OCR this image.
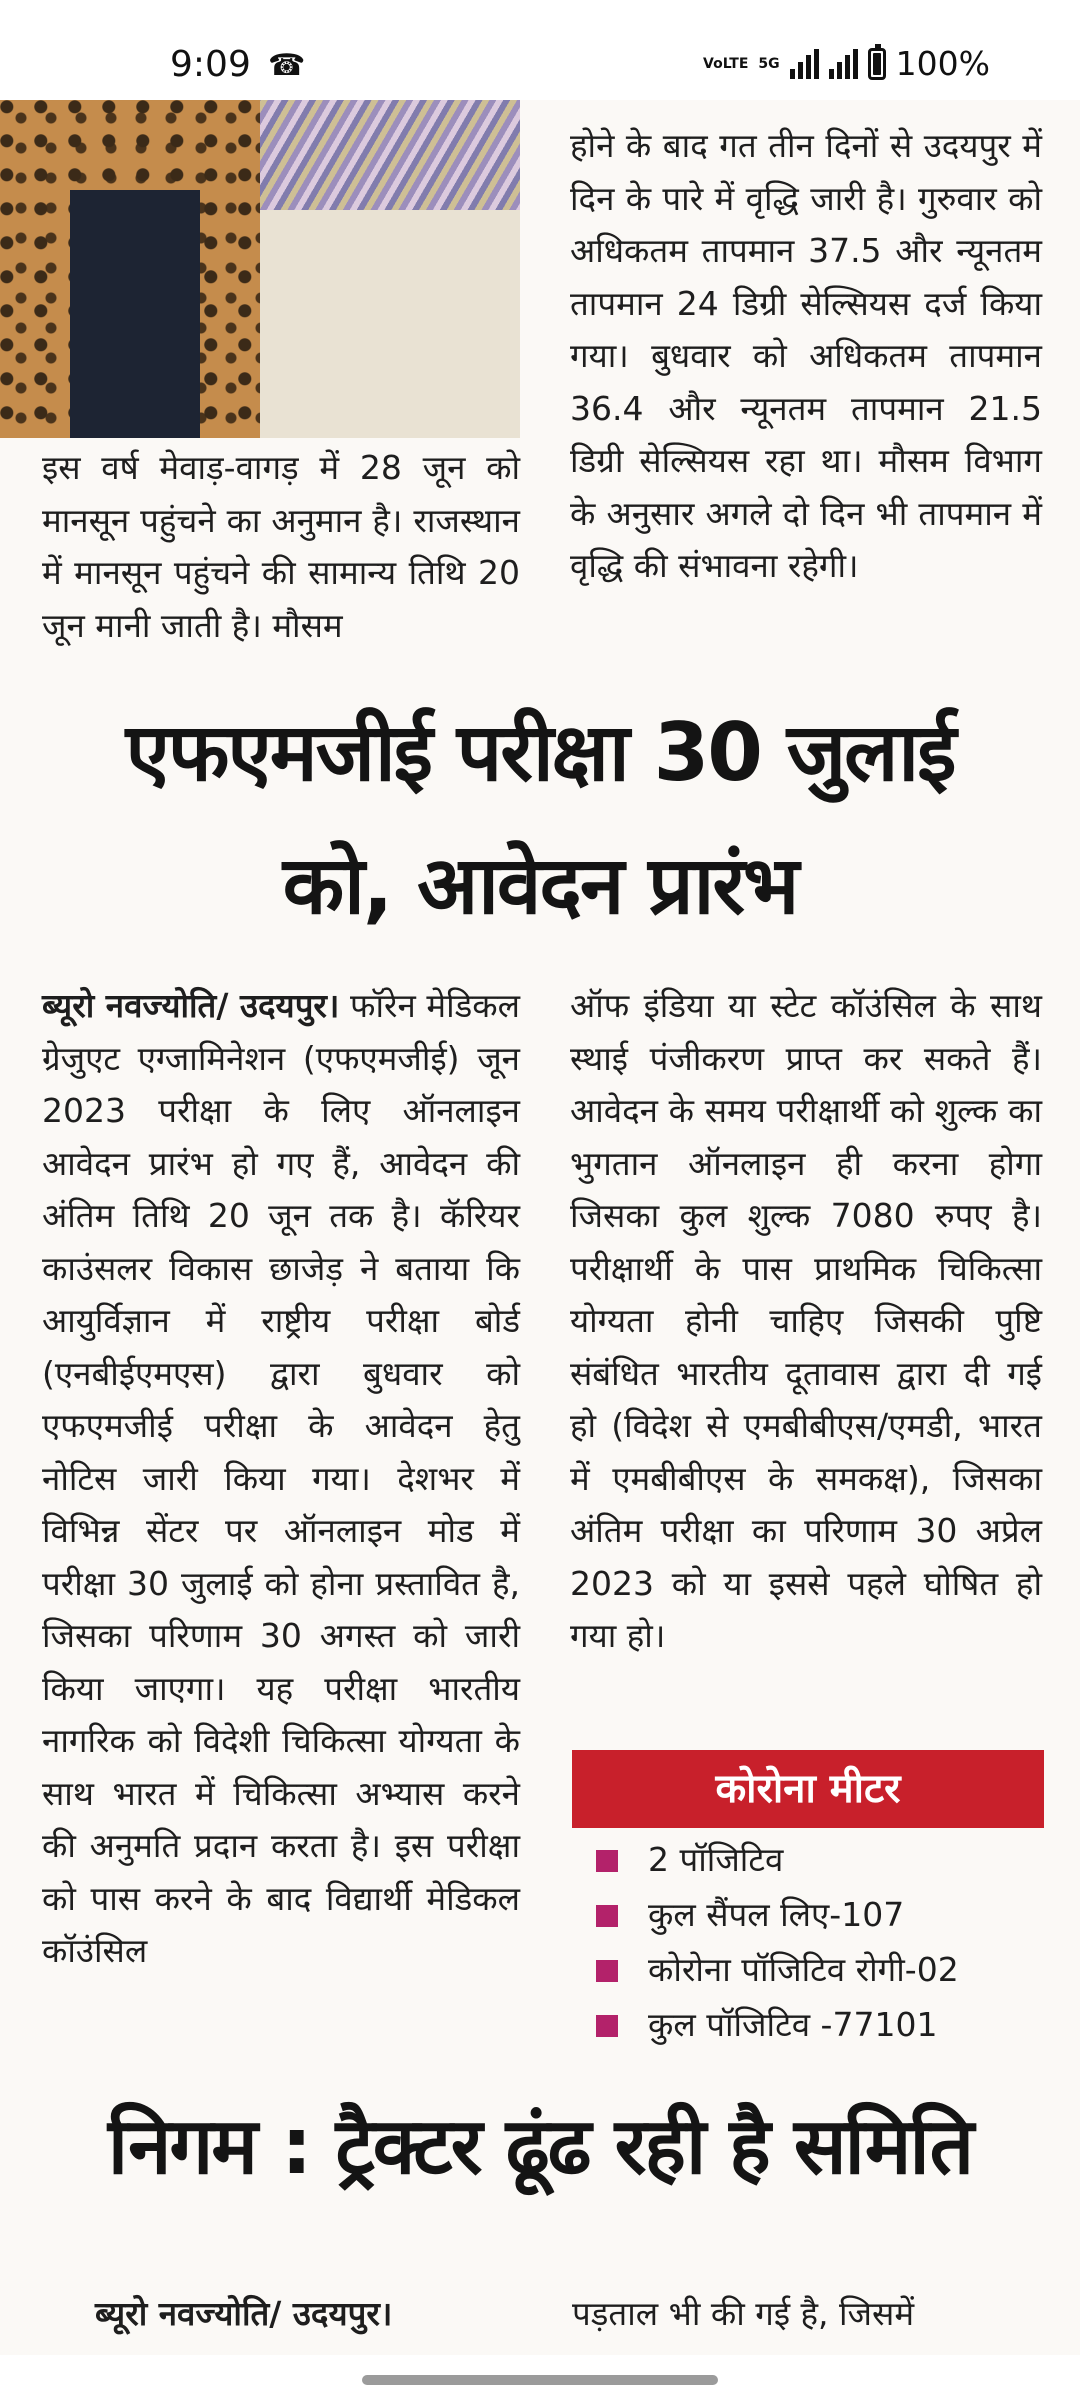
9:09 ☎	VoLTE 5G	100%

इस वर्ष मेवाड़-वागड़ में 28 जून को मानसून पहुंचने का अनुमान है। राजस्थान में मानसून पहुंचने की सामान्य तिथि 20 जून मानी जाती है। मौसम

होने के बाद गत तीन दिनों से उदयपुर में दिन के पारे में वृद्धि जारी है। गुरुवार को अधिकतम तापमान 37.5 और न्यूनतम तापमान 24 डिग्री सेल्सियस दर्ज किया गया। बुधवार को अधिकतम तापमान 36.4 और न्यूनतम तापमान 21.5 डिग्री सेल्सियस रहा था। मौसम विभाग के अनुसार अगले दो दिन भी तापमान में वृद्धि की संभावना रहेगी।

एफएमजीई परीक्षा 30 जुलाई
को, आवेदन प्रारंभ

ब्यूरो नवज्योति/ उदयपुर। फॉरेन मेडिकल ग्रेजुएट एग्जामिनेशन (एफएमजीई) जून 2023 परीक्षा के लिए ऑनलाइन आवेदन प्रारंभ हो गए हैं, आवेदन की अंतिम तिथि 20 जून तक है। कॅरियर काउंसलर विकास छाजेड़ ने बताया कि आयुर्विज्ञान में राष्ट्रीय परीक्षा बोर्ड (एनबीईएमएस) द्वारा बुधवार को एफएमजीई परीक्षा के आवेदन हेतु नोटिस जारी किया गया। देशभर में विभिन्न सेंटर पर ऑनलाइन मोड में परीक्षा 30 जुलाई को होना प्रस्तावित है, जिसका परिणाम 30 अगस्त को जारी किया जाएगा। यह परीक्षा भारतीय नागरिक को विदेशी चिकित्सा योग्यता के साथ भारत में चिकित्सा अभ्यास करने की अनुमति प्रदान करता है। इस परीक्षा को पास करने के बाद विद्यार्थी मेडिकल कॉउंसिल

ऑफ इंडिया या स्टेट कॉउंसिल के साथ स्थाई पंजीकरण प्राप्त कर सकते हैं। आवेदन के समय परीक्षार्थी को शुल्क का भुगतान ऑनलाइन ही करना होगा जिसका कुल शुल्क 7080 रुपए है। परीक्षार्थी के पास प्राथमिक चिकित्सा योग्यता होनी चाहिए जिसकी पुष्टि संबंधित भारतीय दूतावास द्वारा दी गई हो (विदेश से एमबीबीएस/एमडी, भारत में एमबीबीएस के समकक्ष), जिसका अंतिम परीक्षा का परिणाम 30 अप्रेल 2023 को या इससे पहले घोषित हो गया हो।

कोरोना मीटर
2 पॉजिटिव
कुल सैंपल लिए-107
कोरोना पॉजिटिव रोगी-02
कुल पॉजिटिव -77101
निगम : ट्रैक्टर ढूंढ रही है समिति

ब्यूरो नवज्योति/ उदयपुर।	पड़ताल भी की गई है, जिसमें
